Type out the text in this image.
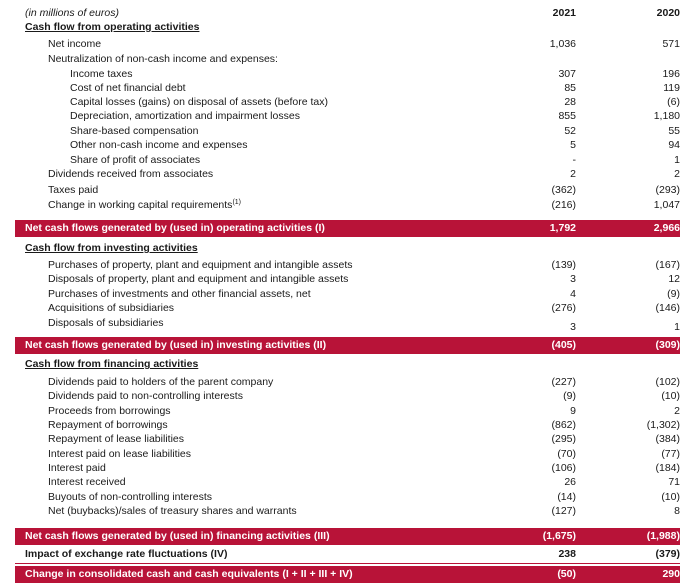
(in millions of euros)	2021	2020
Cash flow from operating activities
Net income	1,036	571
Neutralization of non-cash income and expenses:
Income taxes	307	196
Cost of net financial debt	85	119
Capital losses (gains) on disposal of assets (before tax)	28	(6)
Depreciation, amortization and impairment losses	855	1,180
Share-based compensation	52	55
Other non-cash income and expenses	5	94
Share of profit of associates	-	1
Dividends received from associates	2	2
Taxes paid	(362)	(293)
Change in working capital requirements$^{(1)}$	(216)	1,047
Net cash flows generated by (used in) operating activities (I)	1,792	2,966
Cash flow from investing activities
Purchases of property, plant and equipment and intangible assets	(139)	(167)
Disposals of property, plant and equipment and intangible assets	3	12
Purchases of investments and other financial assets, net	4	(9)
Acquisitions of subsidiaries	(276)	(146)
Disposals of subsidiaries	3	1
Net cash flows generated by (used in) investing activities (II)	(405)	(309)
Cash flow from financing activities
Dividends paid to holders of the parent company	(227)	(102)
Dividends paid to non-controlling interests	(9)	(10)
Proceeds from borrowings	9	2
Repayment of borrowings	(862)	(1,302)
Repayment of lease liabilities	(295)	(384)
Interest paid on lease liabilities	(70)	(77)
Interest paid	(106)	(184)
Interest received	26	71
Buyouts of non-controlling interests	(14)	(10)
Net (buybacks)/sales of treasury shares and warrants	(127)	8
Net cash flows generated by (used in) financing activities (III)	(1,675)	(1,988)
Impact of exchange rate fluctuations (IV)	238	(379)
Change in consolidated cash and cash equivalents (I + II + III + IV)	(50)	290
